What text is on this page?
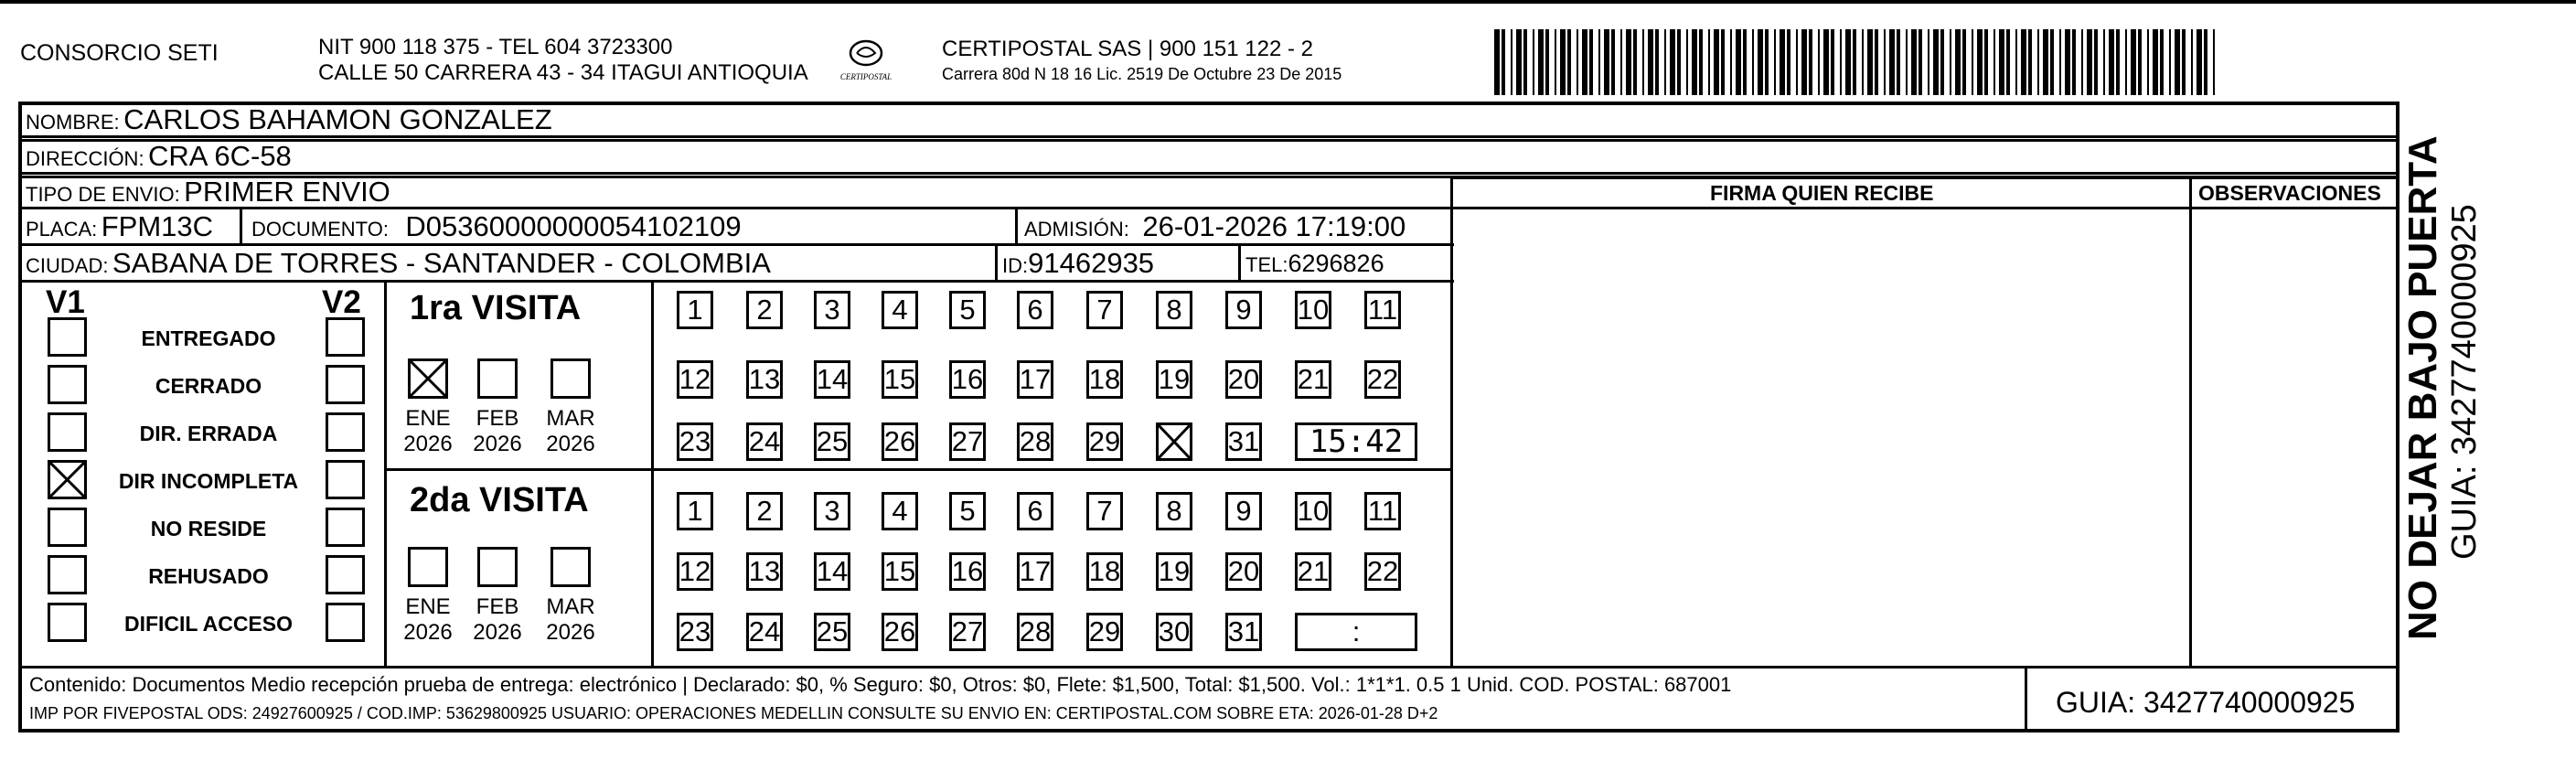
CONSORCIO SETI	NIT 900 118 375 - TEL 604 3723300
CALLE 50 CARRERA 43 - 34 ITAGUI ANTIOQUIA	CERTIPOSTAL
CERTIPOSTAL SAS | 900 151 122 - 2
Carrera 80d N 18 16 Lic. 2519 De Octubre 23 De 2015
NOMBRE: CARLOS BAHAMON GONZALEZ
DIRECCIÓN: CRA 6C-58
TIPO DE ENVIO: PRIMER ENVIO
PLACA: FPM13C DOCUMENTO: D05360000000054102109	ADMISIÓN: 26-01-2026 17:19:00
CIUDAD: SABANA DE TORRES - SANTANDER - COLOMBIA	ID:91462935	TEL:6296826
FIRMA QUIEN RECIBE	OBSERVACIONES
V1	V2
ENTREGADO
CERRADO
DIR. ERRADA
DIR INCOMPLETA
NO RESIDE
REHUSADO
DIFICIL ACCESO
1ra VISITA
2da VISITA
ENE
2026
FEB
2026
MAR
2026
ENE
2026
FEB
2026
MAR
2026
1	2	3	4	5	6	7	8	9	10 11
12 13 14 15 16 17 18 19 20 21 22
23 24 25 26 27 28 29	31	15:42
1	2	3	4	5	6	7	8	9	10 11
12 13 14 15 16 17 18 19 20 21 22
23 24 25 26 27 28 29 30 31	:
Contenido: Documentos Medio recepción prueba de entrega: electrónico | Declarado: $0, % Seguro: $0, Otros: $0, Flete: $1,500, Total: $1,500. Vol.: 1*1*1. 0.5 1 Unid. COD. POSTAL: 687001
IMP POR FIVEPOSTAL ODS: 24927600925 / COD.IMP: 53629800925 USUARIO: OPERACIONES MEDELLIN CONSULTE SU ENVIO EN: CERTIPOSTAL.COM SOBRE ETA: 2026-01-28 D+2	GUIA: 3427740000925
NO DEJAR BAJO PUERTA GUIA: 3427740000925
